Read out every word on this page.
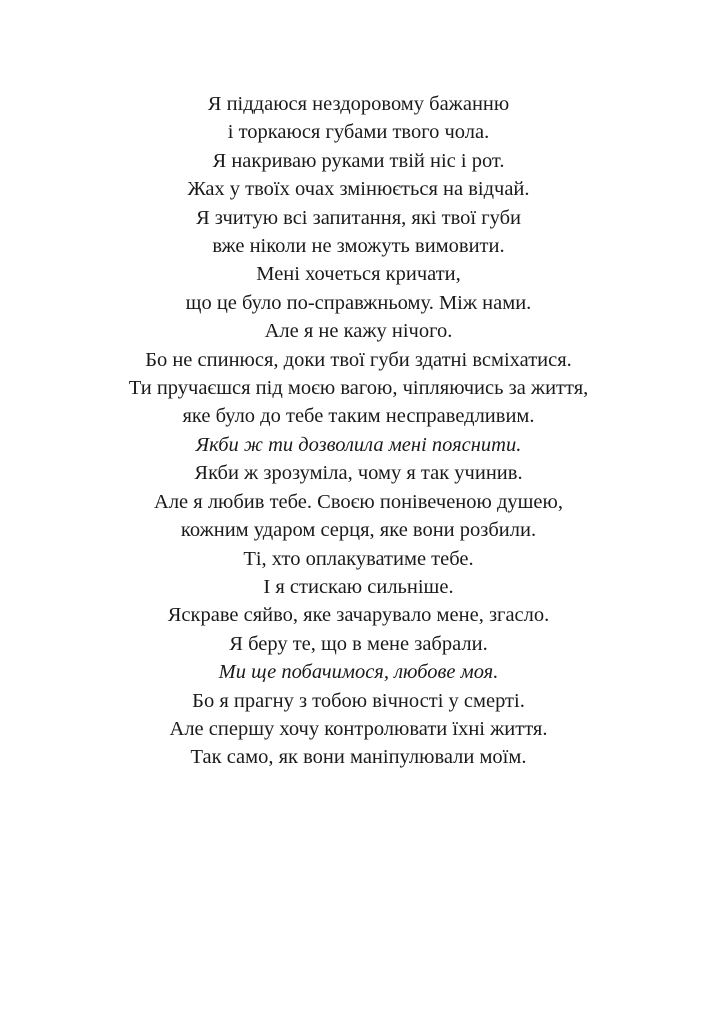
Я піддаюся нездоровому бажанню
і торкаюся губами твого чола.
Я накриваю руками твій ніс і рот.
Жах у твоїх очах змінюється на відчай.
Я зчитую всі запитання, які твої губи
вже ніколи не зможуть вимовити.
Мені хочеться кричати,
що це було по-справжньому. Між нами.
Але я не кажу нічого.
Бо не спинюся, доки твої губи здатні всміхатися.
Ти пручаєшся під моєю вагою, чіпляючись за життя,
яке було до тебе таким несправедливим.
Якби ж ти дозволила мені пояснити.
Якби ж зрозуміла, чому я так учинив.
Але я любив тебе. Своєю понівеченою душею,
кожним ударом серця, яке вони розбили.
Ті, хто оплакуватиме тебе.
І я стискаю сильніше.
Яскраве сяйво, яке зачарувало мене, згасло.
Я беру те, що в мене забрали.
Ми ще побачимося, любове моя.
Бо я прагну з тобою вічності у смерті.
Але спершу хочу контролювати їхні життя.
Так само, як вони маніпулювали моїм.
